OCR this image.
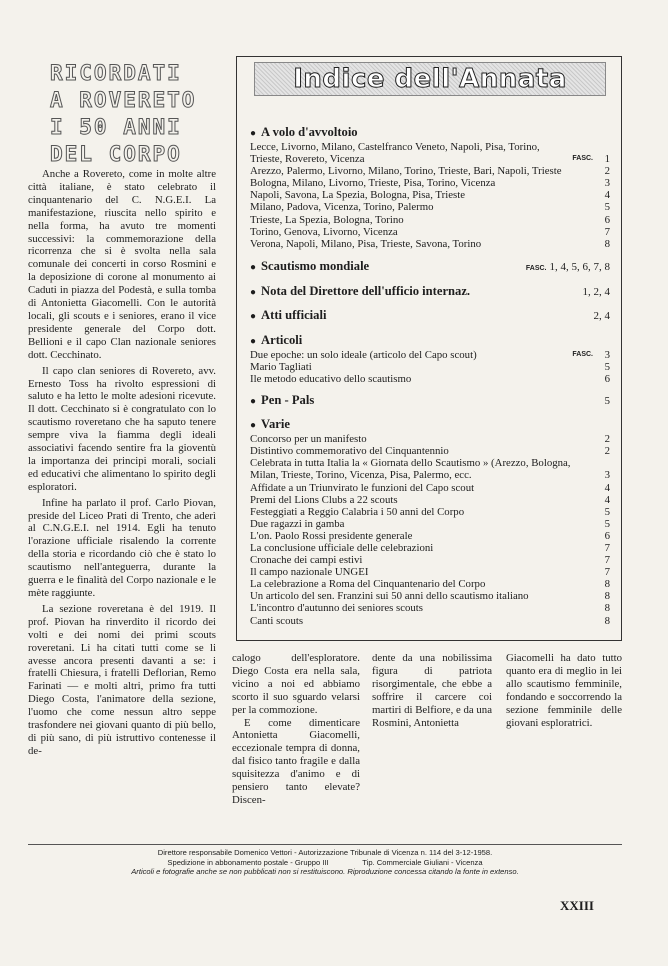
RICORDATI
A ROVERETO
I 50 ANNI
DEL CORPO

Anche a Rovereto, come in molte altre città italiane, è stato celebrato il cinquantenario del C. N.G.E.I. La manifestazione, riuscita nello spirito e nella forma, ha avuto tre momenti successivi: la commemorazione della ricorrenza che si è svolta nella sala comunale dei concerti in corso Rosmini e la deposizione di corone al monumento ai Caduti in piazza del Podestà, e sulla tomba di Antonietta Giacomelli. Con le autorità locali, gli scouts e i seniores, erano il vice presidente generale del Corpo dott. Bellioni e il capo Clan nazionale seniores dott. Cecchinato.

Il capo clan seniores di Rovereto, avv. Ernesto Toss ha rivolto espressioni di saluto e ha letto le molte adesioni ricevute. Il dott. Cecchinato si è congratulato con lo scautismo roveretano che ha saputo tenere sempre viva la fiamma degli ideali associativi facendo sentire fra la gioventù la importanza dei principi morali, sociali ed educativi che alimentano lo spirito degli esploratori.

Infine ha parlato il prof. Carlo Piovan, preside del Liceo Prati di Trento, che aderì al C.N.G.E.I. nel 1914. Egli ha tenuto l'orazione ufficiale risalendo la corrente della storia e ricordando ciò che è stato lo scautismo nell'anteguerra, durante la guerra e le finalità del Corpo nazionale e le mète raggiunte.

La sezione roveretana è del 1919. Il prof. Piovan ha rinverdito il ricordo dei volti e dei nomi dei primi scouts roveretani. Li ha citati tutti come se li avesse ancora presenti davanti a se: i fratelli Chiesura, i fratelli Deflorian, Remo Farinati — e molti altri, primo fra tutti Diego Costa, l'animatore della sezione, l'uomo che come nessun altro seppe trasfondere nei giovani quanto di più bello, di più sano, di più istruttivo contenesse il de-

Indice dell'Annata
● A volo d'avvoltoio
Lecce, Livorno, Milano, Castelfranco Veneto, Napoli, Pisa, Torino, Trieste, Rovereto, Vicenza	FASC.	1
Arezzo, Palermo, Livorno, Milano, Torino, Trieste, Bari, Napoli, Trieste	2
Bologna, Milano, Livorno, Trieste, Pisa, Torino, Vicenza	3
Napoli, Savona, La Spezia, Bologna, Pisa, Trieste	4
Milano, Padova, Vicenza, Torino, Palermo	5
Trieste, La Spezia, Bologna, Torino	6
Torino, Genova, Livorno, Vicenza	7
Verona, Napoli, Milano, Pisa, Trieste, Savona, Torino	8
● Scautismo mondiale	FASC. 1, 4, 5, 6, 7, 8
● Nota del Direttore dell'ufficio internaz.	1, 2, 4
● Atti ufficiali	2, 4
● Articoli
Due epoche: un solo ideale (articolo del Capo scout)	FASC.	3
Mario Tagliati	5
Ile metodo educativo dello scautismo	6
● Pen - Pals	5
● Varie
Concorso per un manifesto	2
Distintivo commemorativo del Cinquantennio	2
Celebrata in tutta Italia la « Giornata dello Scautismo » (Arezzo, Bologna, Milan, Trieste, Torino, Vicenza, Pisa, Palermo, ecc.	3
Affidate a un Triunvirato le funzioni del Capo scout	4
Premi del Lions Clubs a 22 scouts	4
Festeggiati a Reggio Calabria i 50 anni del Corpo	5
Due ragazzi in gamba	5
L'on. Paolo Rossi presidente generale	6
La conclusione ufficiale delle celebrazioni	7
Cronache dei campi estivi	7
Il campo nazionale UNGEI	7
La celebrazione a Roma del Cinquantenario del Corpo	8
Un articolo del sen. Franzini sui 50 anni dello scautismo italiano	8
L'incontro d'autunno dei seniores scouts	8
Canti scouts	8

calogo dell'esploratore. Diego Costa era nella sala, vicino a noi ed abbiamo scorto il suo sguardo velarsi per la commozione.

E come dimenticare Antonietta Giacomelli, eccezionale tempra di donna, dal fisico tanto fragile e dalla squisitezza d'animo e di pensiero tanto elevate? Discen-

dente da una nobilissima figura di patriota risorgimentale, che ebbe a soffrire il carcere coi martiri di Belfiore, e da una Rosmini, Antonietta

Giacomelli ha dato tutto quanto era di meglio in lei allo scautismo femminile, fondando e soccorrendo la sezione femminile delle giovani esploratrici.

Direttore responsabile Domenico Vettori - Autorizzazione Tribunale di Vicenza n. 114 del 3-12-1958.
Spedizione in abbonamento postale - Gruppo III                Tip. Commerciale Giuliani - Vicenza
Articoli e fotografie anche se non pubblicati non si restituiscono. Riproduzione concessa citando la fonte in extenso.
XXIII
